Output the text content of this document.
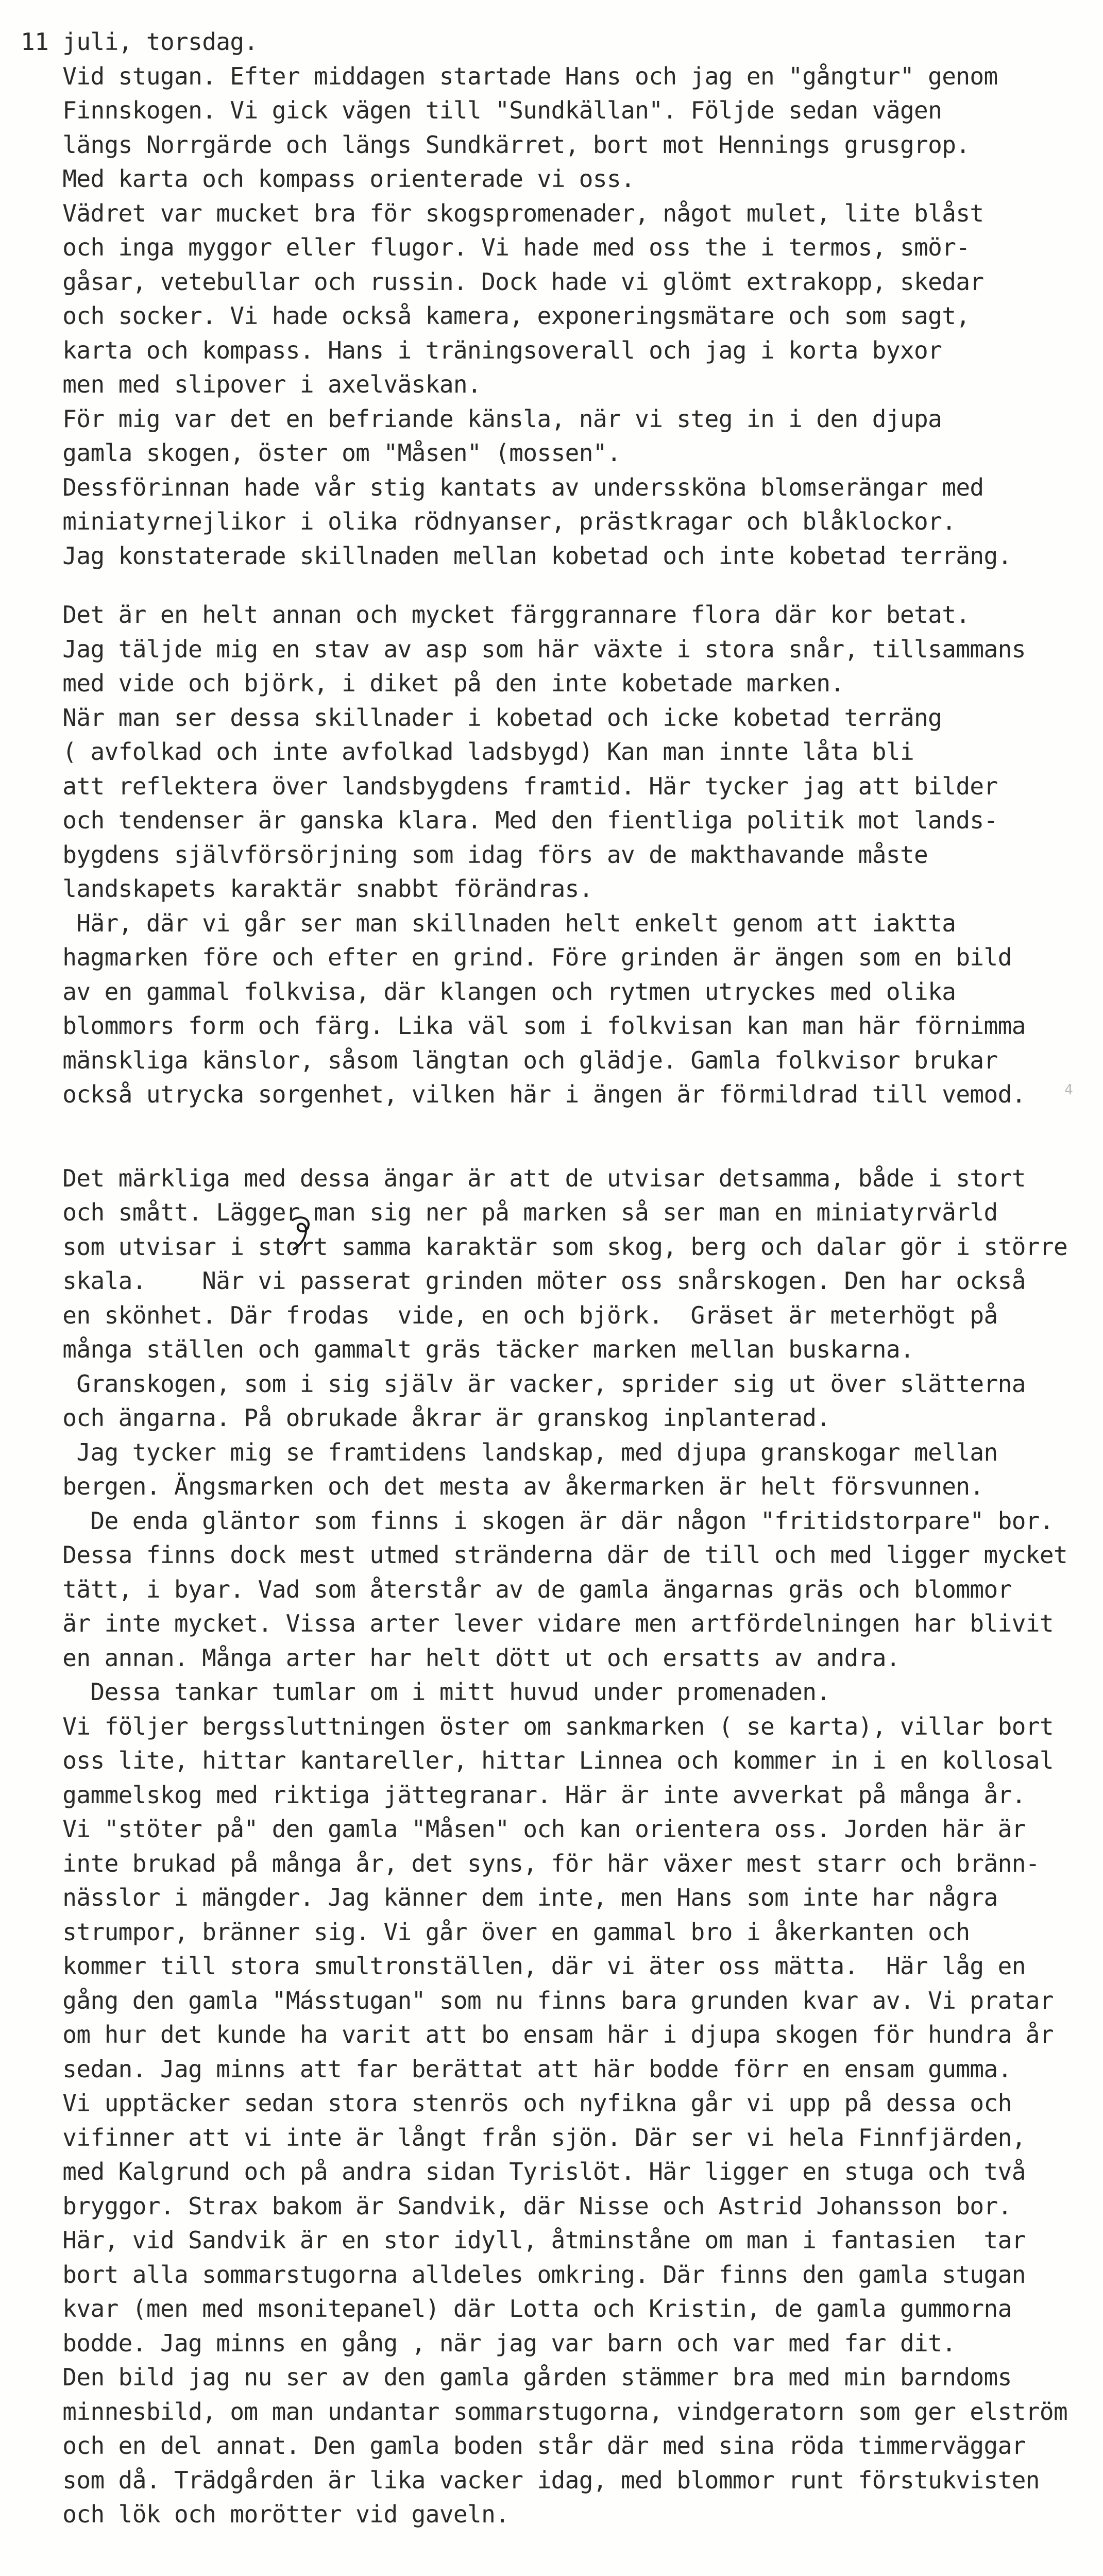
11 juli, torsdag.
Vid stugan. Efter middagen startade Hans och jag en "gångtur" genom
Finnskogen. Vi gick vägen till "Sundkällan". Följde sedan vägen
längs Norrgärde och längs Sundkärret, bort mot Hennings grusgrop.
Med karta och kompass orienterade vi oss.
Vädret var mucket bra för skogspromenader, något mulet, lite blåst
och inga myggor eller flugor. Vi hade med oss the i termos, smör-
gåsar, vetebullar och russin. Dock hade vi glömt extrakopp, skedar
och socker. Vi hade också kamera, exponeringsmätare och som sagt,
karta och kompass. Hans i träningsoverall och jag i korta byxor
men med slipover i axelväskan.
För mig var det en befriande känsla, när vi steg in i den djupa
gamla skogen, öster om "Måsen" (mossen".
Dessförinnan hade vår stig kantats av underssköna blomserängar med
miniatyrnejlikor i olika rödnyanser, prästkragar och blåklockor.
Jag konstaterade skillnaden mellan kobetad och inte kobetad terräng.
Det är en helt annan och mycket färggrannare flora där kor betat.
Jag täljde mig en stav av asp som här växte i stora snår, tillsammans
med vide och björk, i diket på den inte kobetade marken.
När man ser dessa skillnader i kobetad och icke kobetad terräng
( avfolkad och inte avfolkad ladsbygd) Kan man innte låta bli
att reflektera över landsbygdens framtid. Här tycker jag att bilder
och tendenser är ganska klara. Med den fientliga politik mot lands-
bygdens självförsörjning som idag förs av de makthavande måste
landskapets karaktär snabbt förändras.
Här, där vi går ser man skillnaden helt enkelt genom att iaktta
hagmarken före och efter en grind. Före grinden är ängen som en bild
av en gammal folkvisa, där klangen och rytmen utryckes med olika
blommors form och färg. Lika väl som i folkvisan kan man här förnimma
mänskliga känslor, såsom längtan och glädje. Gamla folkvisor brukar
också utrycka sorgenhet, vilken här i ängen är förmildrad till vemod.
Det märkliga med dessa ängar är att de utvisar detsamma, både i stort
och smått. Lägger man sig ner på marken så ser man en miniatyrvärld
som utvisar i stort samma karaktär som skog, berg och dalar gör i större
skala.    När vi passerat grinden möter oss snårskogen. Den har också
en skönhet. Där frodas  vide, en och björk.  Gräset är meterhögt på
många ställen och gammalt gräs täcker marken mellan buskarna.
Granskogen, som i sig själv är vacker, sprider sig ut över slätterna
och ängarna. På obrukade åkrar är granskog inplanterad.
Jag tycker mig se framtidens landskap, med djupa granskogar mellan
bergen. Ängsmarken och det mesta av åkermarken är helt försvunnen.
De enda gläntor som finns i skogen är där någon "fritidstorpare" bor.
Dessa finns dock mest utmed stränderna där de till och med ligger mycket
tätt, i byar. Vad som återstår av de gamla ängarnas gräs och blommor
är inte mycket. Vissa arter lever vidare men artfördelningen har blivit
en annan. Många arter har helt dött ut och ersatts av andra.
Dessa tankar tumlar om i mitt huvud under promenaden.
Vi följer bergssluttningen öster om sankmarken ( se karta), villar bort
oss lite, hittar kantareller, hittar Linnea och kommer in i en kollosal
gammelskog med riktiga jättegranar. Här är inte avverkat på många år.
Vi "stöter på" den gamla "Måsen" och kan orientera oss. Jorden här är
inte brukad på många år, det syns, för här växer mest starr och bränn-
nässlor i mängder. Jag känner dem inte, men Hans som inte har några
strumpor, bränner sig. Vi går över en gammal bro i åkerkanten och
kommer till stora smultronställen, där vi äter oss mätta.  Här låg en
gång den gamla "Másstugan" som nu finns bara grunden kvar av. Vi pratar
om hur det kunde ha varit att bo ensam här i djupa skogen för hundra år
sedan. Jag minns att far berättat att här bodde förr en ensam gumma.
Vi upptäcker sedan stora stenrös och nyfikna går vi upp på dessa och
vifinner att vi inte är långt från sjön. Där ser vi hela Finnfjärden,
med Kalgrund och på andra sidan Tyrislöt. Här ligger en stuga och två
bryggor. Strax bakom är Sandvik, där Nisse och Astrid Johansson bor.
Här, vid Sandvik är en stor idyll, åtminståne om man i fantasien  tar
bort alla sommarstugorna alldeles omkring. Där finns den gamla stugan
kvar (men med msonitepanel) där Lotta och Kristin, de gamla gummorna
bodde. Jag minns en gång , när jag var barn och var med far dit.
Den bild jag nu ser av den gamla gården stämmer bra med min barndoms
minnesbild, om man undantar sommarstugorna, vindgeratorn som ger elström
och en del annat. Den gamla boden står där med sina röda timmerväggar
som då. Trädgården är lika vacker idag, med blommor runt förstukvisten
och lök och morötter vid gaveln.
4
